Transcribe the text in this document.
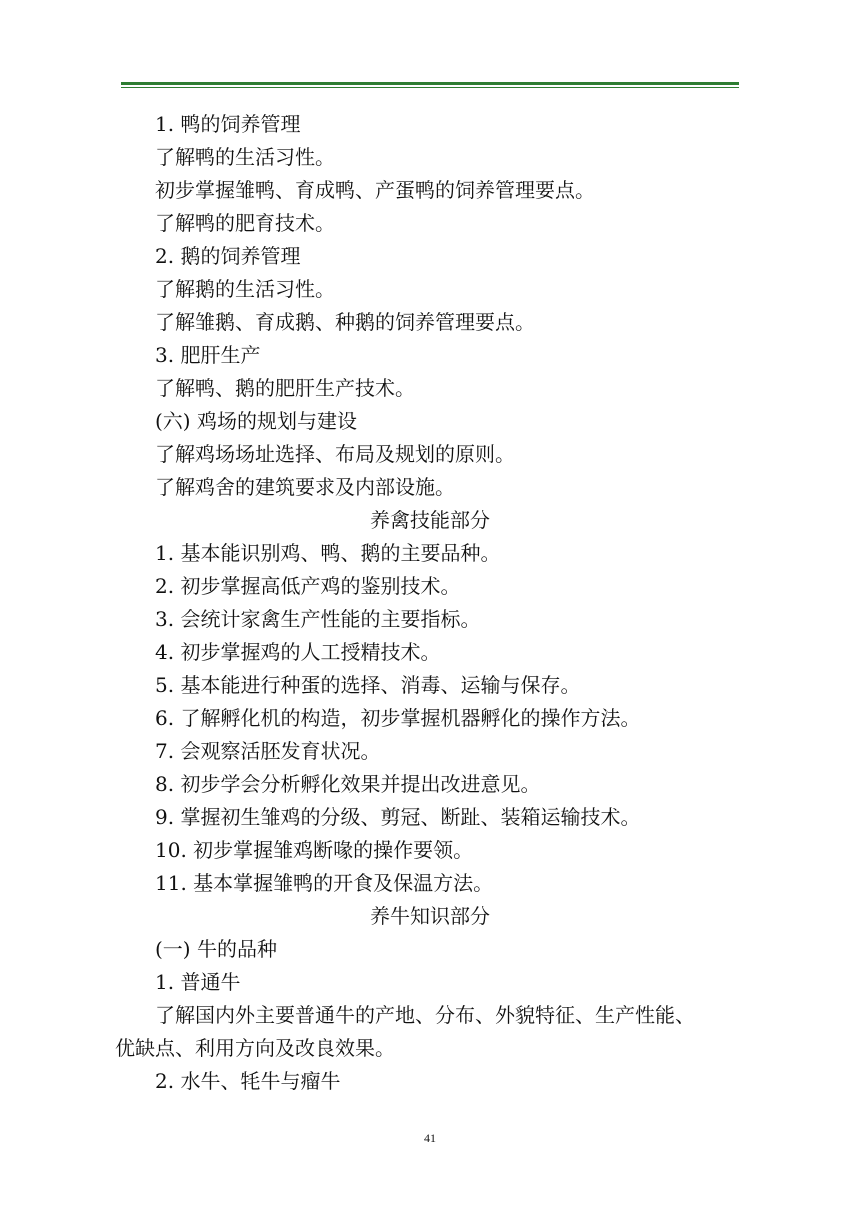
1. 鸭的饲养管理
了解鸭的生活习性。
初步掌握雏鸭、育成鸭、产蛋鸭的饲养管理要点。
了解鸭的肥育技术。
2. 鹅的饲养管理
了解鹅的生活习性。
了解雏鹅、育成鹅、种鹅的饲养管理要点。
3. 肥肝生产
了解鸭、鹅的肥肝生产技术。
(六) 鸡场的规划与建设
了解鸡场场址选择、布局及规划的原则。
了解鸡舍的建筑要求及内部设施。
养禽技能部分
1. 基本能识别鸡、鸭、鹅的主要品种。
2. 初步掌握高低产鸡的鉴别技术。
3. 会统计家禽生产性能的主要指标。
4. 初步掌握鸡的人工授精技术。
5. 基本能进行种蛋的选择、消毒、运输与保存。
6. 了解孵化机的构造，初步掌握机器孵化的操作方法。
7. 会观察活胚发育状况。
8. 初步学会分析孵化效果并提出改进意见。
9. 掌握初生雏鸡的分级、剪冠、断趾、装箱运输技术。
10. 初步掌握雏鸡断喙的操作要领。
11. 基本掌握雏鸭的开食及保温方法。
养牛知识部分
(一) 牛的品种
1. 普通牛
了解国内外主要普通牛的产地、分布、外貌特征、生产性能、
优缺点、利用方向及改良效果。
2. 水牛、牦牛与瘤牛
41
